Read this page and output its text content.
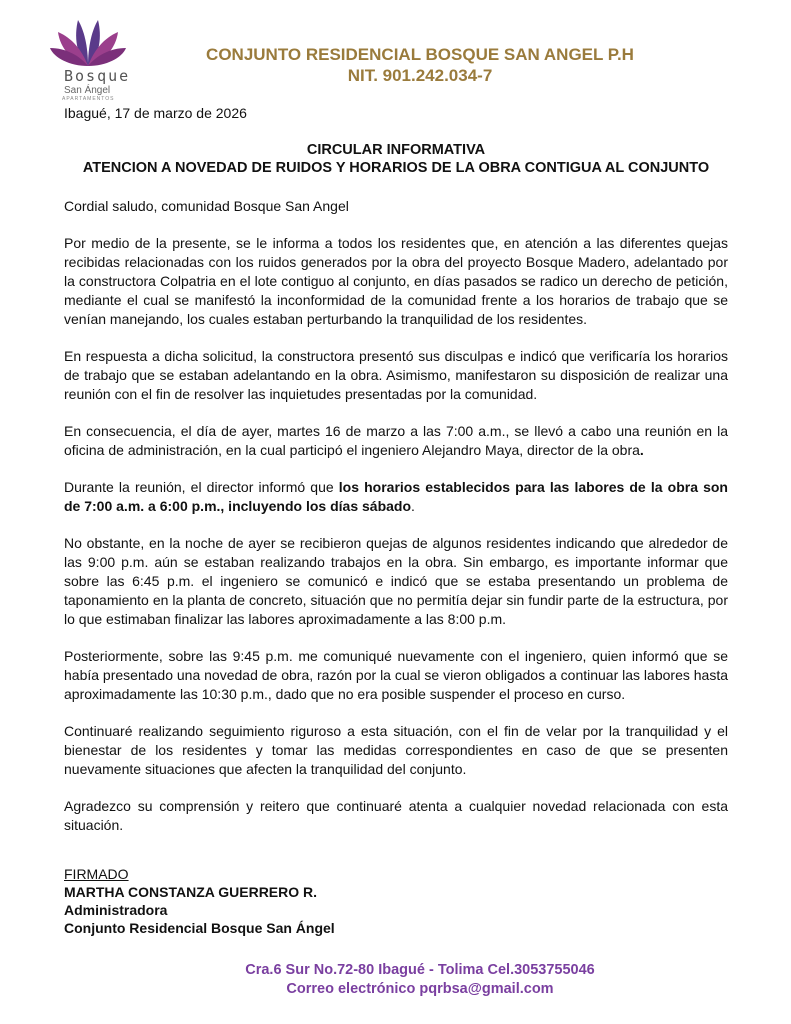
Bosque
San Ángel
APARTAMENTOS
CONJUNTO RESIDENCIAL BOSQUE SAN ANGEL P.H
NIT. 901.242.034-7
Ibagué, 17 de marzo de 2026
CIRCULAR INFORMATIVA
ATENCION A NOVEDAD DE RUIDOS Y HORARIOS DE LA OBRA CONTIGUA AL CONJUNTO

Cordial saludo, comunidad Bosque San Angel

Por medio de la presente, se le informa a todos los residentes que, en atención a las diferentes quejas recibidas relacionadas con los ruidos generados por la obra del proyecto Bosque Madero, adelantado por la constructora Colpatria en el lote contiguo al conjunto, en días pasados se radico un derecho de petición, mediante el cual se manifestó la inconformidad de la comunidad frente a los horarios de trabajo que se venían manejando, los cuales estaban perturbando la tranquilidad de los residentes.

En respuesta a dicha solicitud, la constructora presentó sus disculpas e indicó que verificaría los horarios de trabajo que se estaban adelantando en la obra. Asimismo, manifestaron su disposición de realizar una reunión con el fin de resolver las inquietudes presentadas por la comunidad.

En consecuencia, el día de ayer, martes 16 de marzo a las 7:00 a.m., se llevó a cabo una reunión en la oficina de administración, en la cual participó el ingeniero Alejandro Maya, director de la obra.

Durante la reunión, el director informó que los horarios establecidos para las labores de la obra son de 7:00 a.m. a 6:00 p.m., incluyendo los días sábado.

No obstante, en la noche de ayer se recibieron quejas de algunos residentes indicando que alrededor de las 9:00 p.m. aún se estaban realizando trabajos en la obra. Sin embargo, es importante informar que sobre las 6:45 p.m. el ingeniero se comunicó e indicó que se estaba presentando un problema de taponamiento en la planta de concreto, situación que no permitía dejar sin fundir parte de la estructura, por lo que estimaban finalizar las labores aproximadamente a las 8:00 p.m.

Posteriormente, sobre las 9:45 p.m. me comuniqué nuevamente con el ingeniero, quien informó que se había presentado una novedad de obra, razón por la cual se vieron obligados a continuar las labores hasta aproximadamente las 10:30 p.m., dado que no era posible suspender el proceso en curso.

Continuaré realizando seguimiento riguroso a esta situación, con el fin de velar por la tranquilidad y el bienestar de los residentes y tomar las medidas correspondientes en caso de que se presenten nuevamente situaciones que afecten la tranquilidad del conjunto.

Agradezco su comprensión y reitero que continuaré atenta a cualquier novedad relacionada con esta situación.

FIRMADO
MARTHA CONSTANZA GUERRERO R.
Administradora
Conjunto Residencial Bosque San Ángel
Cra.6 Sur No.72-80 Ibagué - Tolima Cel.3053755046
Correo electrónico pqrbsa@gmail.com
